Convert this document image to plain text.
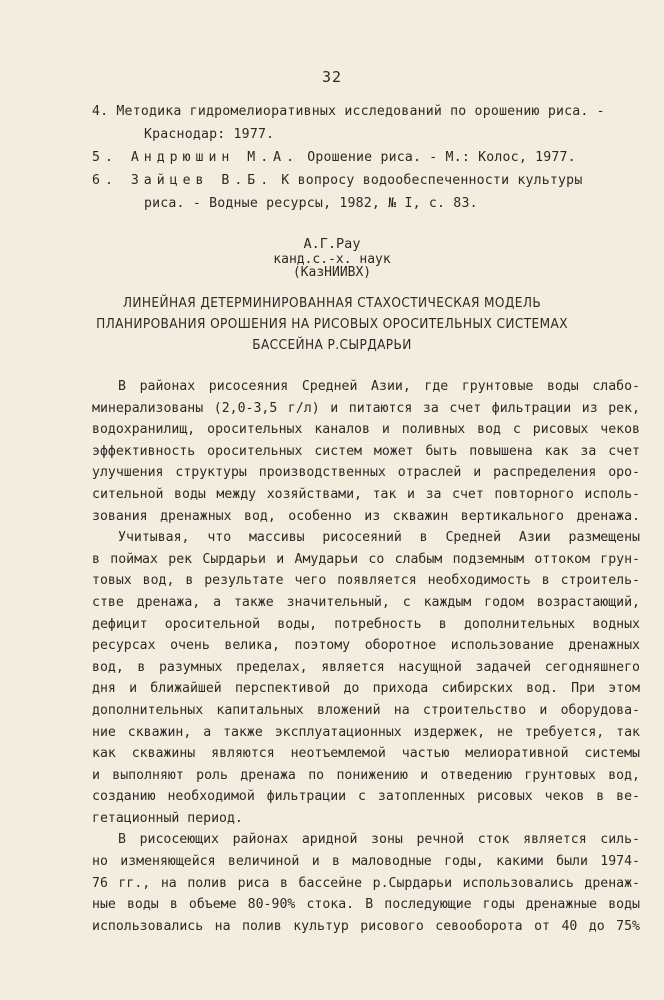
32
4. Методика гидромелиоративных исследований по орошению риса. -
Краснодар: 1977.
5. Андрюшин М.А. Орошение риса. - М.: Колос, 1977.
6. Зайцев В.Б. К вопросу водообеспеченности культуры
риса. - Водные ресурсы, 1982, № I, с. 83.
А.Г.Рау
канд.с.-х. наук
(КазНИИВХ)
ЛИНЕЙНАЯ ДЕТЕРМИНИРОВАННАЯ СТАХОСТИЧЕСКАЯ МОДЕЛЬ
ПЛАНИРОВАНИЯ ОРОШЕНИЯ НА РИСОВЫХ ОРОСИТЕЛЬНЫХ СИСТЕМАХ
БАССЕЙНА Р.СЫРДАРЬИ
В районах рисосеяния Средней Азии, где грунтовые воды слабо-
минерализованы (2,0-3,5 г/л) и питаются за счет фильтрации из рек,
водохранилищ, оросительных каналов и поливных вод с рисовых чеков
эффективность оросительных систем может быть повышена как за счет
улучшения структуры производственных отраслей и распределения оро-
сительной воды между хозяйствами, так и за счет повторного исполь-
зования дренажных вод, особенно из скважин вертикального дренажа.
Учитывая, что массивы рисосеяний в Средней Азии размещены
в поймах рек Сырдарьи и Амударьи со слабым подземным оттоком грун-
товых вод, в результате чего появляется необходимость в строитель-
стве дренажа, а также значительный, с каждым годом возрастающий,
дефицит оросительной воды, потребность в дополнительных водных
ресурсах очень велика, поэтому оборотное использование дренажных
вод, в разумных пределах, является насущной задачей сегодняшнего
дня и ближайшей перспективой до прихода сибирских вод. При этом
дополнительных капитальных вложений на строительство и оборудова-
ние скважин, а также эксплуатационных издержек, не требуется, так
как скважины являются неотъемлемой частью мелиоративной системы
и выполняют роль дренажа по понижению и отведению грунтовых вод,
созданию необходимой фильтрации с затопленных рисовых чеков в ве-
гетационный период.
В рисосеющих районах аридной зоны речной сток является силь-
но изменяющейся величиной и в маловодные годы, какими были 1974-
76 гг., на полив риса в бассейне р.Сырдарьи использовались дренаж-
ные воды в объеме 80-90% стока. В последующие годы дренажные воды
использовались на полив культур рисового севооборота от 40 до 75%
